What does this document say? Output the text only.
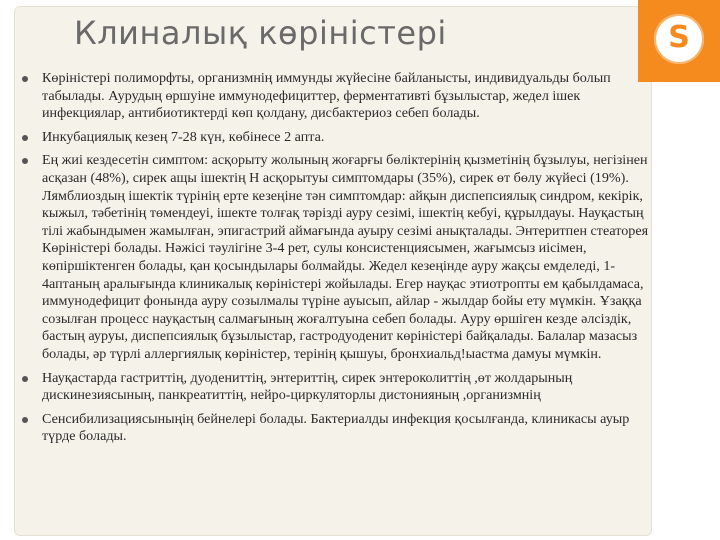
S
Клиналық көріністері
Көріністері полиморфты, организмнің иммунды жүйесіне байланысты, индивидуальды болып табылады. Аурудың өршуіне иммунодефициттер, ферментативті бұзылыстар, жедел ішек инфекциялар, антибиотиктерді көп қолдану, дисбактериоз себеп болады.
Инкубациялық кезең 7-28 күн, көбінесе 2 апта.
Ең жиі кездесетін симптом: асқорыту жолының жоғарғы бөліктерінің қызметінің бұзылуы, негізінен асқазан (48%), сирек ащы ішектің Н асқорытуы симптомдары (35%), сирек өт бөлу жүйесі (19%). Лямблиоздың ішектік түрінің ерте кезеңіне тән симптомдар: айқын диспепсиялық синдром, кекірік, кыжыл, тәбетінің төмендеуі, ішекте толғақ тәрізді ауру сезімі, ішектің кебуі, құрылдауы. Науқастың тілі жабындымен жамылған, эпигастрий аймағында ауыру сезімі анықталады. Энтеритпен стеаторея Көріністері болады. Нәжісі тәулігіне 3-4 рет, сулы консистенциясымен, жағымсыз иісімен, көпіршіктенген болады, қан қосындылары болмайды. Жедел кезеңінде ауру жақсы емделеді, 1-4аптаның аралығында клиникалық көріністері жойылады. Егер науқас этиотропты ем қабылдамаса, иммунодефицит фонында ауру созылмалы түріне ауысып, айлар - жылдар бойы ету мүмкін. Ұзаққа созылған процесс науқастың салмағының жоғалтуына себеп болады. Ауру өршіген кезде әлсіздік, бастың ауруы, диспепсиялық бұзылыстар, гастродуоденит көріністері байқалады. Балалар мазасыз болады, әр түрлі аллергиялық көріністер, терінің қышуы, бронхиальд!ыастма дамуы мүмкін.
Науқастарда гастриттің, дуодениттің, энтериттің, сирек энтероколиттің ,өт жолдарының дискинезиясының, панкреатиттің, нейро-циркуляторлы дистонияның ,организмнің
Сенсибилизациясыныңің бейнелері болады. Бактериалды инфекция қосылғанда, клиникасы ауыр түрде болады.
